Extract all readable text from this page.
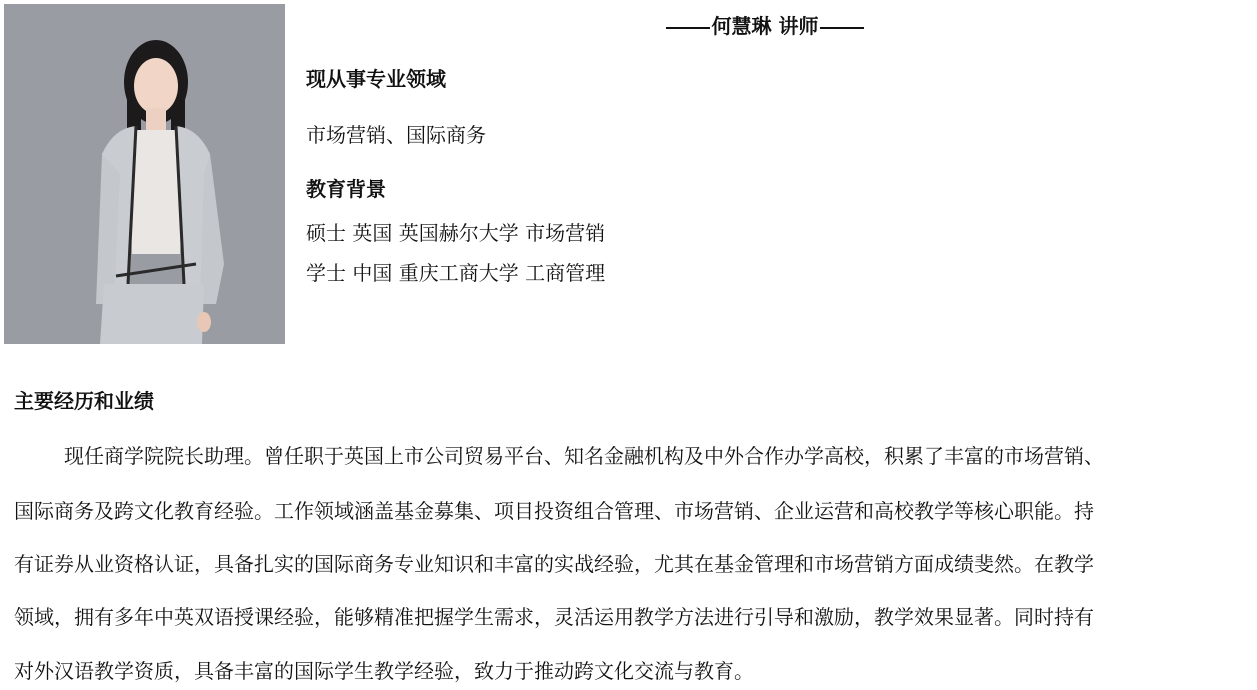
何慧琳 讲师
现从事专业领域
市场营销、国际商务
教育背景
硕士 英国 英国赫尔大学 市场营销
学士 中国 重庆工商大学 工商管理
主要经历和业绩
现任商学院院长助理。曾任职于英国上市公司贸易平台、知名金融机构及中外合作办学高校，积累了丰富的市场营销、
国际商务及跨文化教育经验。工作领域涵盖基金募集、项目投资组合管理、市场营销、企业运营和高校教学等核心职能。持
有证券从业资格认证，具备扎实的国际商务专业知识和丰富的实战经验，尤其在基金管理和市场营销方面成绩斐然。在教学
领域，拥有多年中英双语授课经验，能够精准把握学生需求，灵活运用教学方法进行引导和激励，教学效果显著。同时持有
对外汉语教学资质，具备丰富的国际学生教学经验，致力于推动跨文化交流与教育。
